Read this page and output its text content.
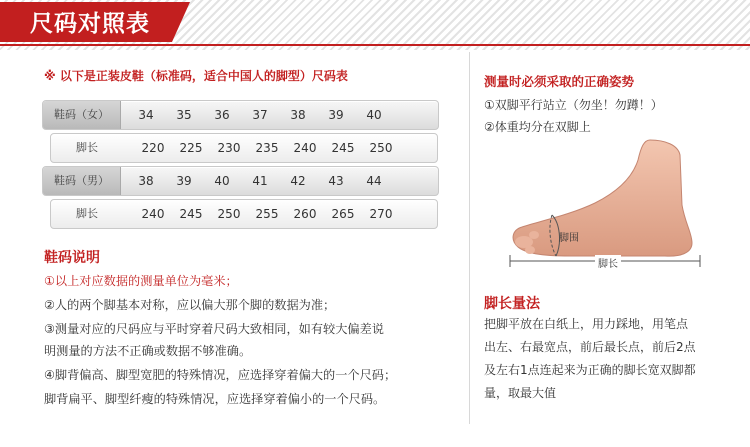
尺码对照表
※ 以下是正装皮鞋（标准码，适合中国人的脚型）尺码表
鞋码（女）	34	35	36	37	38	39	40
脚长	220	225	230	235	240	245	250
鞋码（男）	38	39	40	41	42	43	44
脚长	240	245	250	255	260	265	270
鞋码说明
①以上对应数据的测量单位为毫米；
②人的两个脚基本对称，应以偏大那个脚的数据为准；
③测量对应的尺码应与平时穿着尺码大致相同，如有较大偏差说
明测量的方法不正确或数据不够准确。
④脚背偏高、脚型宽肥的特殊情况，应选择穿着偏大的一个尺码；
脚背扁平、脚型纤瘦的特殊情况，应选择穿着偏小的一个尺码。
测量时必须采取的正确姿势
①双脚平行站立（勿坐！勿蹲！）
②体重均分在双脚上
脚围
脚长
脚长量法
把脚平放在白纸上，用力踩地，用笔点
出左、右最宽点，前后最长点，前后2点
及左右1点连起来为正确的脚长宽双脚都
量，取最大值
